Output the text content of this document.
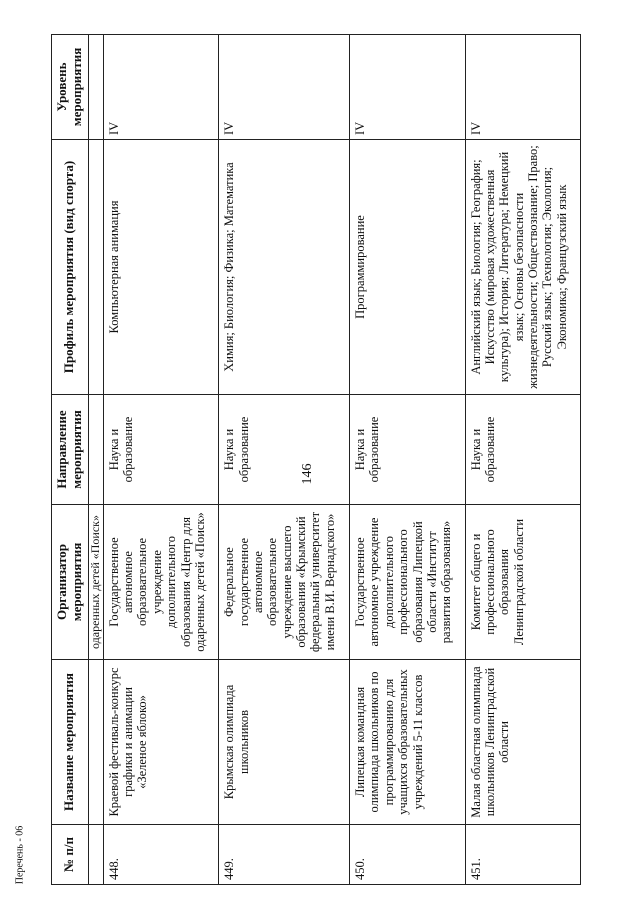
146
№ п/п	Название мероприятия	Организатор мероприятия	Направление мероприятия	Профиль мероприятия (вид спорта)	Уровень мероприятия
		одаренных детей «Поиск»			
448.	Краевой фестиваль-конкурс графики и анимации «Зеленое яблоко»	Государственное автономное образовательное учреждение дополнительного образования «Центр для одаренных детей «Поиск»	Наука и образование	Компьютерная анимация	IV
449.	Крымская олимпиада школьников	Федеральное государственное автономное образовательное учреждение высшего образования «Крымский федеральный университет имени В.И. Вернадского»	Наука и образование	Химия; Биология; Физика; Математика	IV
450.	Липецкая командная олимпиада школьников по программированию для учащихся образовательных учреждений 5-11 классов	Государственное автономное учреждение дополнительного профессионального образования Липецкой области «Институт развития образования»	Наука и образование	Программирование	IV
451.	Малая областная олимпиада школьников Ленинградской области	Комитет общего и профессионального образования Ленинградской области	Наука и образование	Английский язык; Биология; География; Искусство (мировая художественная культура); История; Литература; Немецкий язык; Основы безопасности жизнедеятельности; Обществознание; Право; Русский язык; Технология; Экология; Экономика; Французский язык	IV
Перечень - 06
